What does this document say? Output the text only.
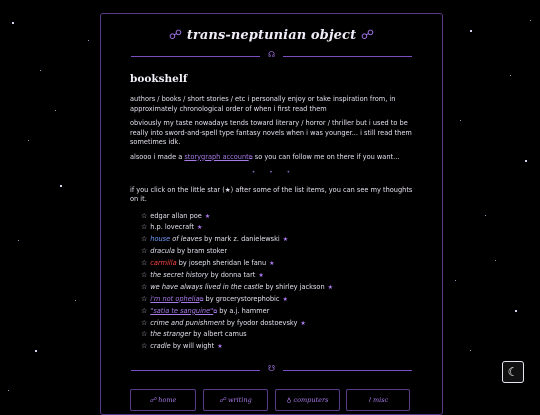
☍ trans-neptunian object ☍
☊
bookshelf

authors / books / short stories / etc i personally enjoy or take inspiration from, in approximately chronological order of when i first read them

obviously my taste nowadays tends toward literary / horror / thriller but i used to be really into sword-and-spell type fantasy novels when i was younger... i still read them sometimes idk.

alsooo i made a storygraph account⧉ so you can follow me on there if you want...

• • •

if you click on the little star (★) after some of the list items, you can see my thoughts on it.

☆ edgar allan poe ★
☆ h.p. lovecraft ★
☆ house of leaves by mark z. danielewski ★
☆ dracula by bram stoker
☆ carmilla by joseph sheridan le fanu ★
☆ the secret history by donna tart ★
☆ we have always lived in the castle by shirley jackson ★
☆ i'm not ophelia⧉ by grocerystorephobic ★
☆ "satia te sanguine"⧉ by a.j. hammer
☆ crime and punishment by fyodor dostoevsky ★
☆ the stranger by albert camus
☆ cradle by will wight ★
☋
☍ home	☍ writing	♁ computers	⌇ misc
☾
